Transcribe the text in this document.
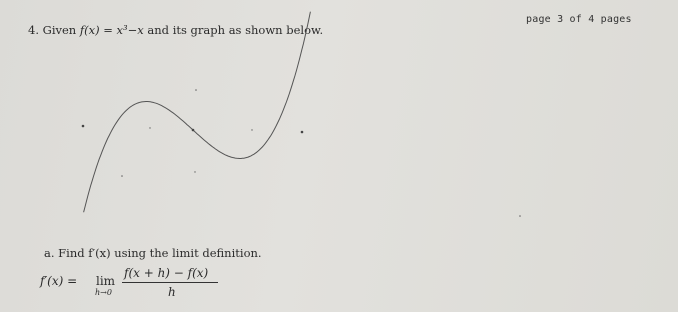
page 3 of 4 pages
4. Given f(x) = x³−x and its graph as shown below.
a. Find f′(x) using the limit definition.
f′(x) = lim
h→0
f(x + h) − f(x)
h
